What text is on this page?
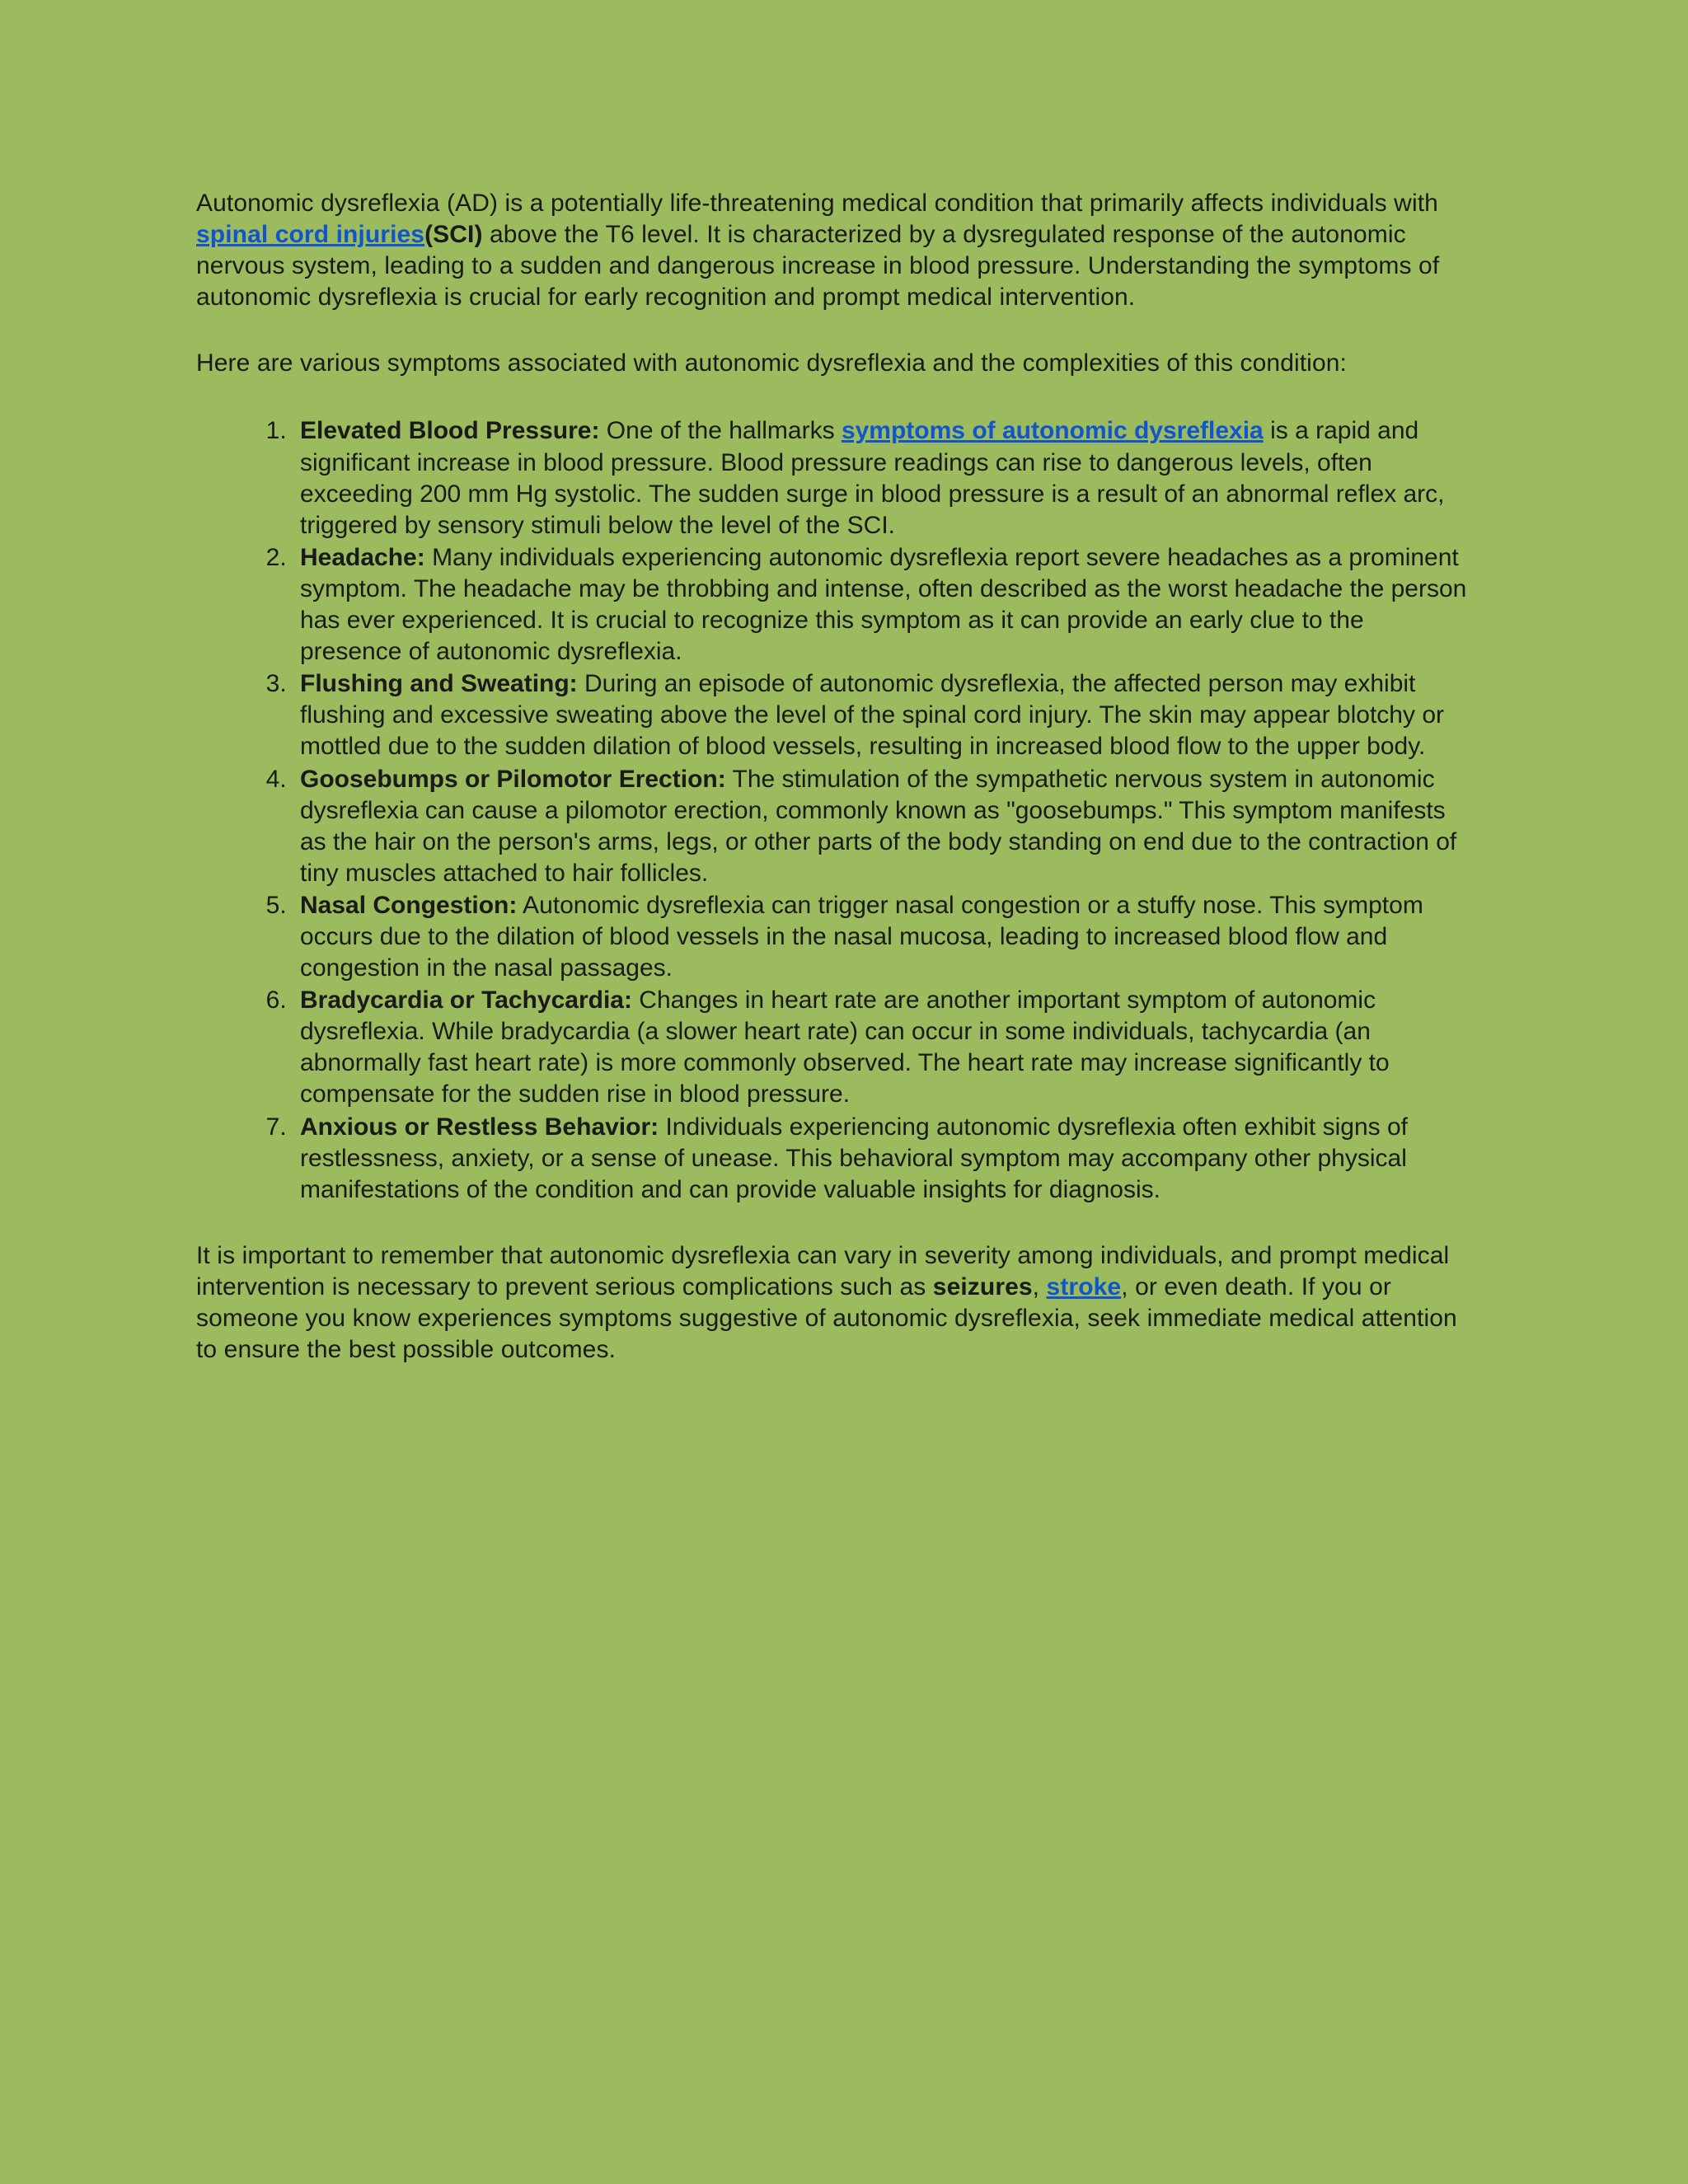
Autonomic dysreflexia (AD) is a potentially life-threatening medical condition that primarily affects individuals with spinal cord injuries(SCI) above the T6 level. It is characterized by a dysregulated response of the autonomic nervous system, leading to a sudden and dangerous increase in blood pressure. Understanding the symptoms of autonomic dysreflexia is crucial for early recognition and prompt medical intervention.

Here are various symptoms associated with autonomic dysreflexia and the complexities of this condition:

1. Elevated Blood Pressure: One of the hallmarks symptoms of autonomic dysreflexia is a rapid and significant increase in blood pressure. Blood pressure readings can rise to dangerous levels, often exceeding 200 mm Hg systolic. The sudden surge in blood pressure is a result of an abnormal reflex arc, triggered by sensory stimuli below the level of the SCI.
2. Headache: Many individuals experiencing autonomic dysreflexia report severe headaches as a prominent symptom. The headache may be throbbing and intense, often described as the worst headache the person has ever experienced. It is crucial to recognize this symptom as it can provide an early clue to the presence of autonomic dysreflexia.
3. Flushing and Sweating: During an episode of autonomic dysreflexia, the affected person may exhibit flushing and excessive sweating above the level of the spinal cord injury. The skin may appear blotchy or mottled due to the sudden dilation of blood vessels, resulting in increased blood flow to the upper body.
4. Goosebumps or Pilomotor Erection: The stimulation of the sympathetic nervous system in autonomic dysreflexia can cause a pilomotor erection, commonly known as "goosebumps." This symptom manifests as the hair on the person's arms, legs, or other parts of the body standing on end due to the contraction of tiny muscles attached to hair follicles.
5. Nasal Congestion: Autonomic dysreflexia can trigger nasal congestion or a stuffy nose. This symptom occurs due to the dilation of blood vessels in the nasal mucosa, leading to increased blood flow and congestion in the nasal passages.
6. Bradycardia or Tachycardia: Changes in heart rate are another important symptom of autonomic dysreflexia. While bradycardia (a slower heart rate) can occur in some individuals, tachycardia (an abnormally fast heart rate) is more commonly observed. The heart rate may increase significantly to compensate for the sudden rise in blood pressure.
7. Anxious or Restless Behavior: Individuals experiencing autonomic dysreflexia often exhibit signs of restlessness, anxiety, or a sense of unease. This behavioral symptom may accompany other physical manifestations of the condition and can provide valuable insights for diagnosis.

It is important to remember that autonomic dysreflexia can vary in severity among individuals, and prompt medical intervention is necessary to prevent serious complications such as seizures, stroke, or even death. If you or someone you know experiences symptoms suggestive of autonomic dysreflexia, seek immediate medical attention to ensure the best possible outcomes.
